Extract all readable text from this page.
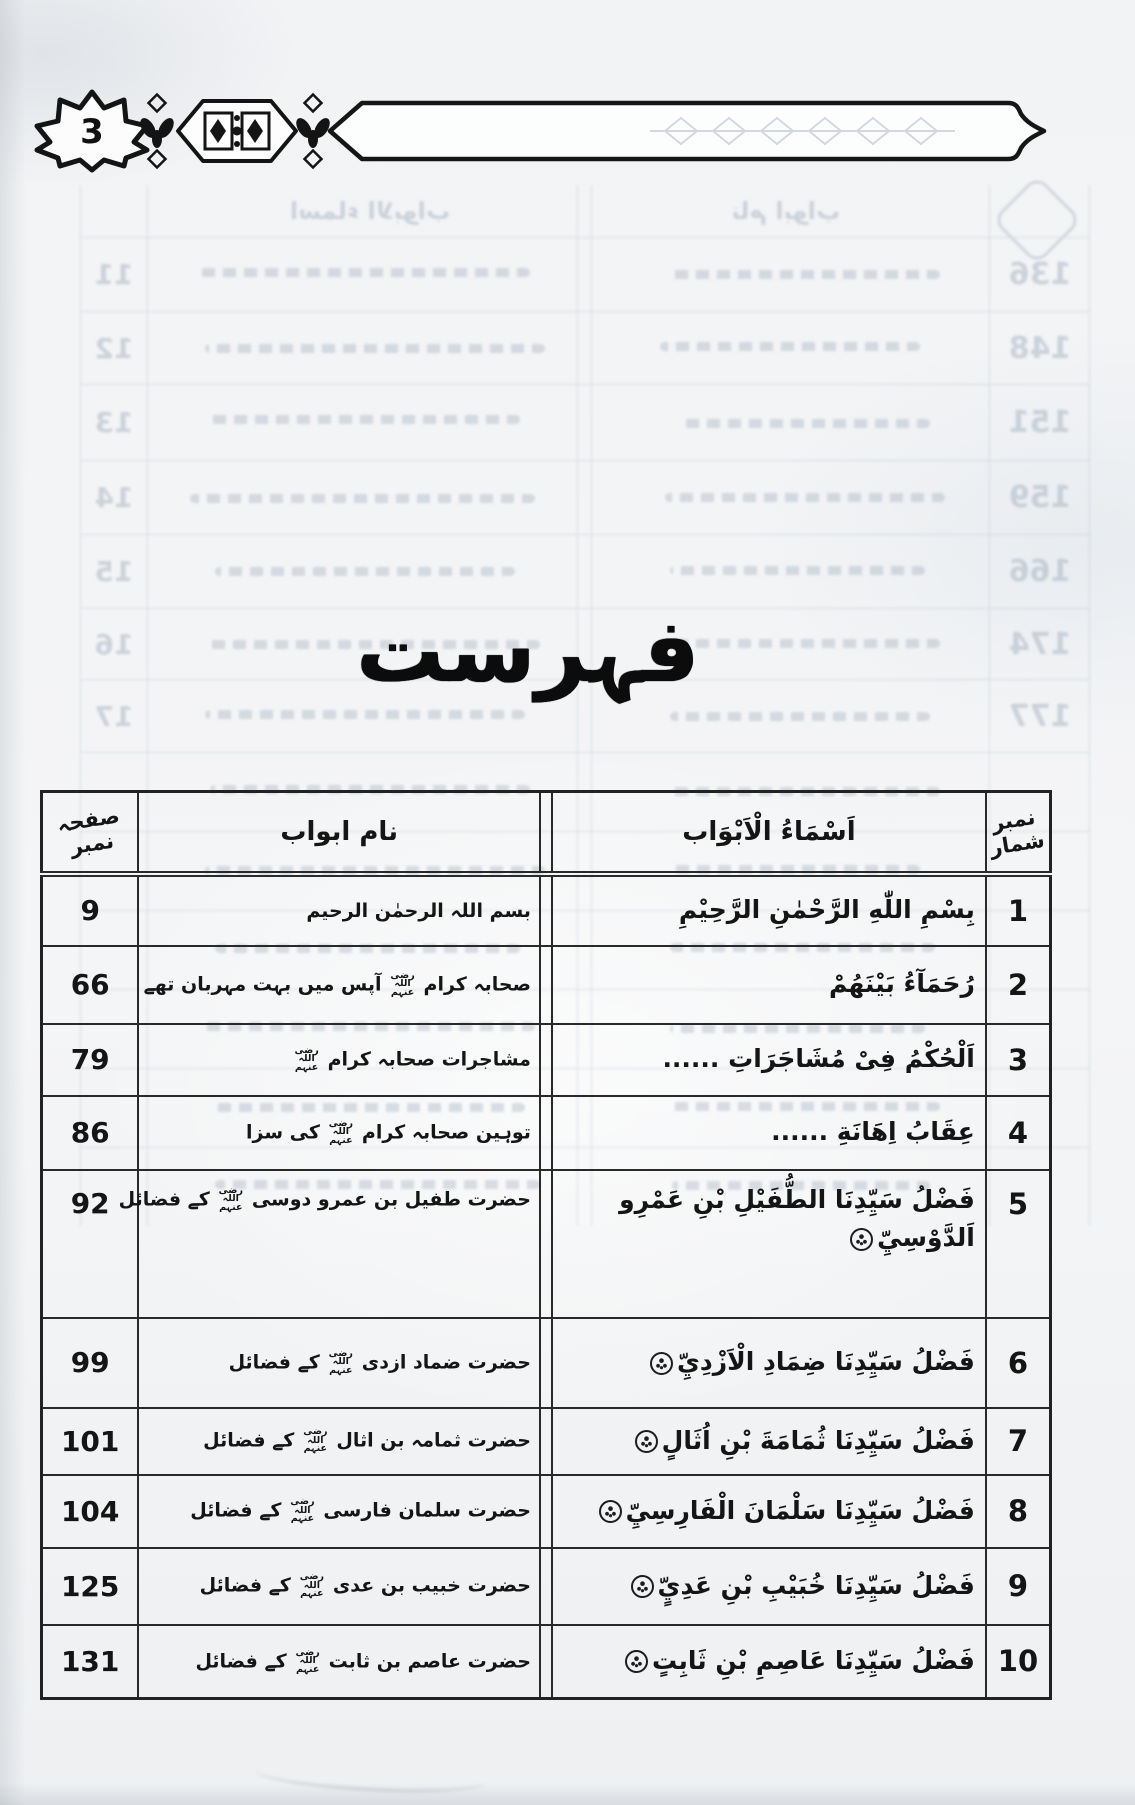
نام ابواب
اسماء الابواب
136
11
148
12
151
13
159
14
166
15
174
16
177
17
3
فہرست
صفحہ نمبر	نام ابواب		اَسْمَاءُ الْاَبْوَاب	نمبر شمار
9	بسم اللہ الرحمٰن الرحیم		بِسْمِ اللّٰهِ الرَّحْمٰنِ الرَّحِيْمِ	1
66	صحابہ کرامرضی اللہ عنہمآپس میں بہت مہربان تھے		رُحَمَآءُ بَيْنَهُمْ	2
79	مشاجرات صحابہ کرامرضی اللہ عنہم		اَلْحُكْمُ فِیْ مُشَاجَرَاتِ ......	3
86	توہین صحابہ کرامرضی اللہ عنہمکی سزا		عِقَابُ اِهَانَةِ ......	4
92	حضرت طفیل بن عمرو دوسیرضی اللہ عنہمکے فضائل		فَضْلُ سَيِّدِنَا الطُّفَيْلِ بْنِ عَمْرِو
اَلدَّوْسِيِّ	5
99	حضرت ضماد ازدیرضی اللہ عنہمکے فضائل		فَضْلُ سَيِّدِنَا ضِمَادِ الْاَزْدِيِّ	6
101	حضرت ثمامہ بن اثالرضی اللہ عنہمکے فضائل		فَضْلُ سَيِّدِنَا ثُمَامَةَ بْنِ اُثَالٍ	7
104	حضرت سلمان فارسیرضی اللہ عنہمکے فضائل		فَضْلُ سَيِّدِنَا سَلْمَانَ الْفَارِسِيِّ	8
125	حضرت خبیب بن عدیرضی اللہ عنہمکے فضائل		فَضْلُ سَيِّدِنَا خُبَيْبِ بْنِ عَدِيٍّ	9
131	حضرت عاصم بن ثابترضی اللہ عنہمکے فضائل		فَضْلُ سَيِّدِنَا عَاصِمِ بْنِ ثَابِتٍ	10
